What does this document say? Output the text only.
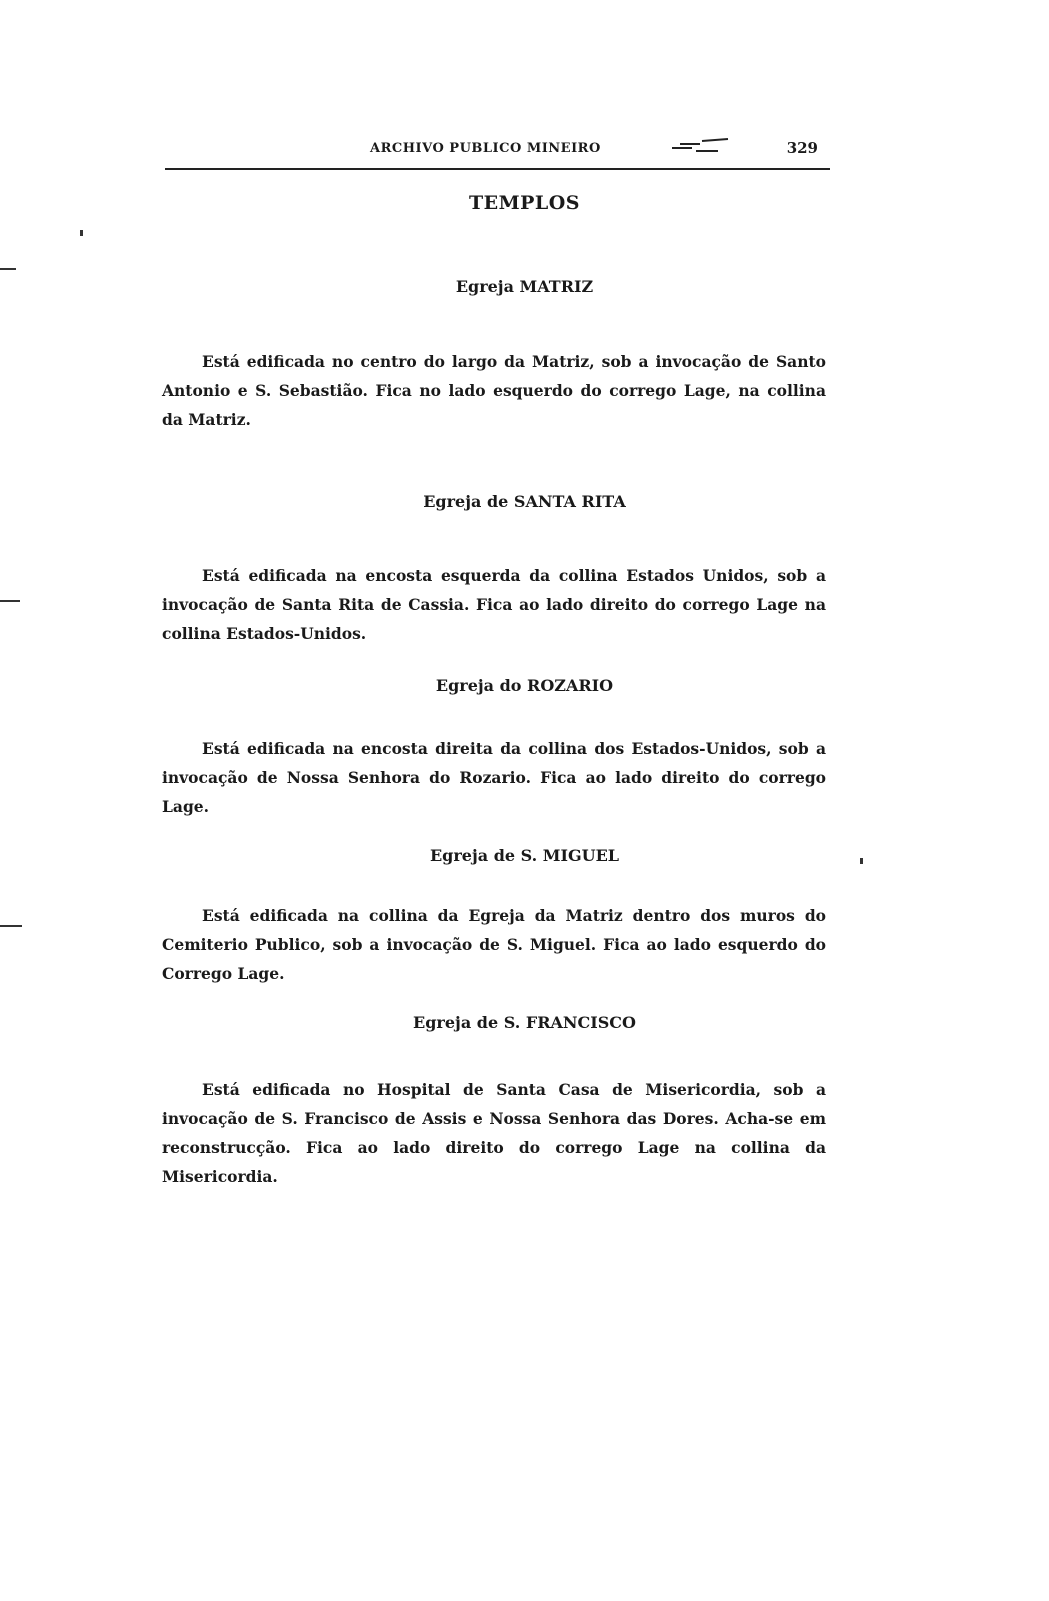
ARCHIVO PUBLICO MINEIRO	329
TEMPLOS
Egreja MATRIZ

Está edificada no centro do largo da Matriz, sob a invocação de Santo Antonio e S. Sebastião. Fica no lado esquerdo do corrego Lage, na collina da Matriz.

Egreja de SANTA RITA

Está edificada na encosta esquerda da collina Estados Unidos, sob a invocação de Santa Rita de Cassia. Fica ao lado direito do corrego Lage na collina Estados-Unidos.

Egreja do ROZARIO

Está edificada na encosta direita da collina dos Estados-Unidos, sob a invocação de Nossa Senhora do Rozario. Fica ao lado direito do corrego Lage.

Egreja de S. MIGUEL

Está edificada na collina da Egreja da Matriz dentro dos muros do Cemiterio Publico, sob a invocação de S. Miguel. Fica ao lado esquerdo do Corrego Lage.

Egreja de S. FRANCISCO

Está edificada no Hospital de Santa Casa de Misericordia, sob a invocação de S. Francisco de Assis e Nossa Senhora das Dores. Acha-se em reconstrucção. Fica ao lado direito do corrego Lage na collina da Misericordia.
